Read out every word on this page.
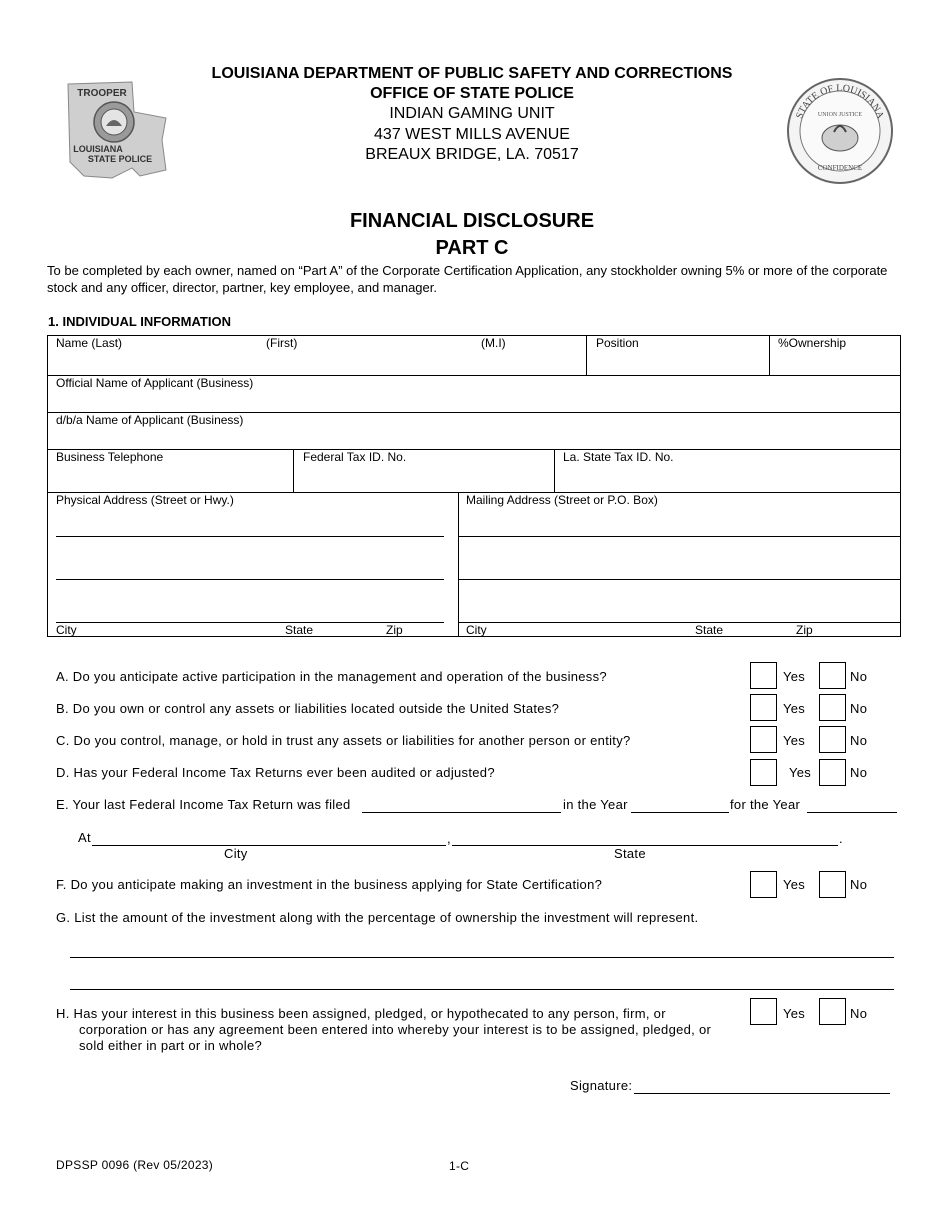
TROOPER
LOUISIANA
STATE POLICE
STATE OF LOUISIANA
UNION JUSTICE
CONFIDENCE
LOUISIANA DEPARTMENT OF PUBLIC SAFETY AND CORRECTIONS
OFFICE OF STATE POLICE
INDIAN GAMING UNIT
437 WEST MILLS AVENUE
BREAUX BRIDGE, LA. 70517
FINANCIAL DISCLOSURE
PART C
To be completed by each owner, named on “Part A” of the Corporate Certification Application, any stockholder owning 5% or more of the corporate stock and any officer, director, partner, key employee, and manager.
1. INDIVIDUAL INFORMATION
Name (Last)	(First)	(M.I)	Position	%Ownership
Official Name of Applicant (Business)
d/b/a Name of Applicant (Business)
Business Telephone	Federal Tax ID. No.	La. State Tax ID. No.
Physical Address (Street or Hwy.)
City	State	Zip
Mailing Address (Street or P.O. Box)
City	State	Zip
A. Do you anticipate active participation in the management and operation of the business?	Yes	No
B. Do you own or control any assets or liabilities located outside the United States?	Yes	No
C. Do you control, manage, or hold in trust any assets or liabilities for another person or entity?	Yes	No
D. Has your Federal Income Tax Returns ever been audited or adjusted?	Yes	No
E. Your last Federal Income Tax Return was filed	in the Year	for the Year
At	,	.
City	State
F. Do you anticipate making an investment in the business applying for State Certification?	Yes	No
G. List the amount of the investment along with the percentage of ownership the investment will represent.
H. Has your interest in this business been assigned, pledged, or hypothecated to any person, firm, or
corporation or has any agreement been entered into whereby your interest is to be assigned, pledged, or
sold either in part or in whole?
Yes	No
Signature:
DPSSP 0096 (Rev 05/2023)	1-C
